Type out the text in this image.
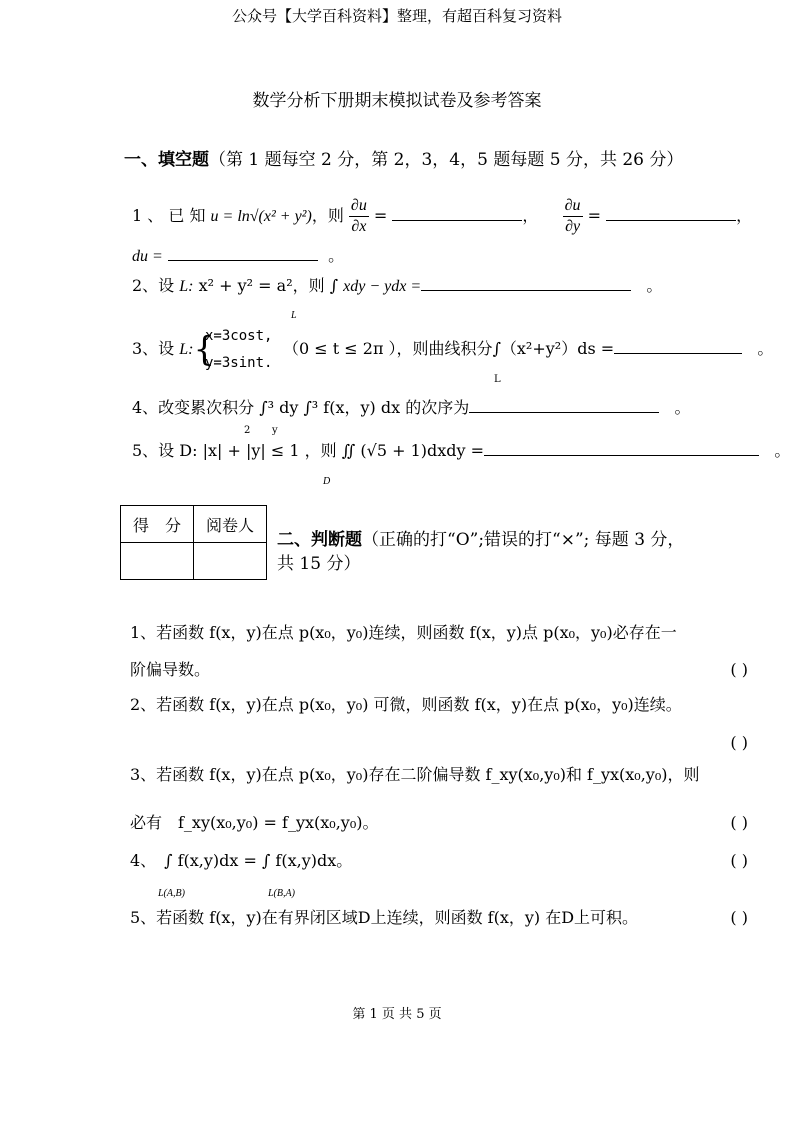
公众号【大学百科资料】整理，有超百科复习资料
数学分析下册期末模拟试卷及参考答案
一、填空题（第 1 题每空 2 分，第 2，3，4，5 题每题 5 分，共 26 分）
1 、 已 知 u = ln√(x² + y²)，则 $\frac{\partial u}{\partial x}$ =	， $\frac{\partial u}{\partial y}$ =	，
du =	。
2、设 L: x² + y² = a²，则 ∫ xdy − ydx =	。
L
3、设 L:{
x=3cost,
y=3sint.
（0 ≤ t ≤ 2π ），则曲线积分∫（x²+y²）ds =	。
L
4、改变累次积分 ∫³ dy ∫³ f(x，y) dx 的次序为	。
2 y
5、设 D: |x| + |y| ≤ 1 ，则 ∬ (√5 + 1)dxdy =	。
D
得　分	阅卷人

二、判断题（正确的打“O”;错误的打“×”; 每题 3 分，
共 15 分）
1、若函数 f(x，y)在点 p(x₀，y₀)连续，则函数 f(x，y)点 p(x₀，y₀)必存在一
阶偏导数。	( )
2、若函数 f(x，y)在点 p(x₀，y₀) 可微，则函数 f(x，y)在点 p(x₀，y₀)连续。
( )
3、若函数 f(x，y)在点 p(x₀，y₀)存在二阶偏导数 f_xy(x₀,y₀)和 f_yx(x₀,y₀)，则
必有　f_xy(x₀,y₀) = f_yx(x₀,y₀)。	( )
4、　∫ f(x,y)dx = ∫ f(x,y)dx。
L(A,B)	L(B,A)
( )
5、若函数 f(x，y)在有界闭区域D上连续，则函数 f(x，y) 在D上可积。	( )
第 1 页 共 5 页
